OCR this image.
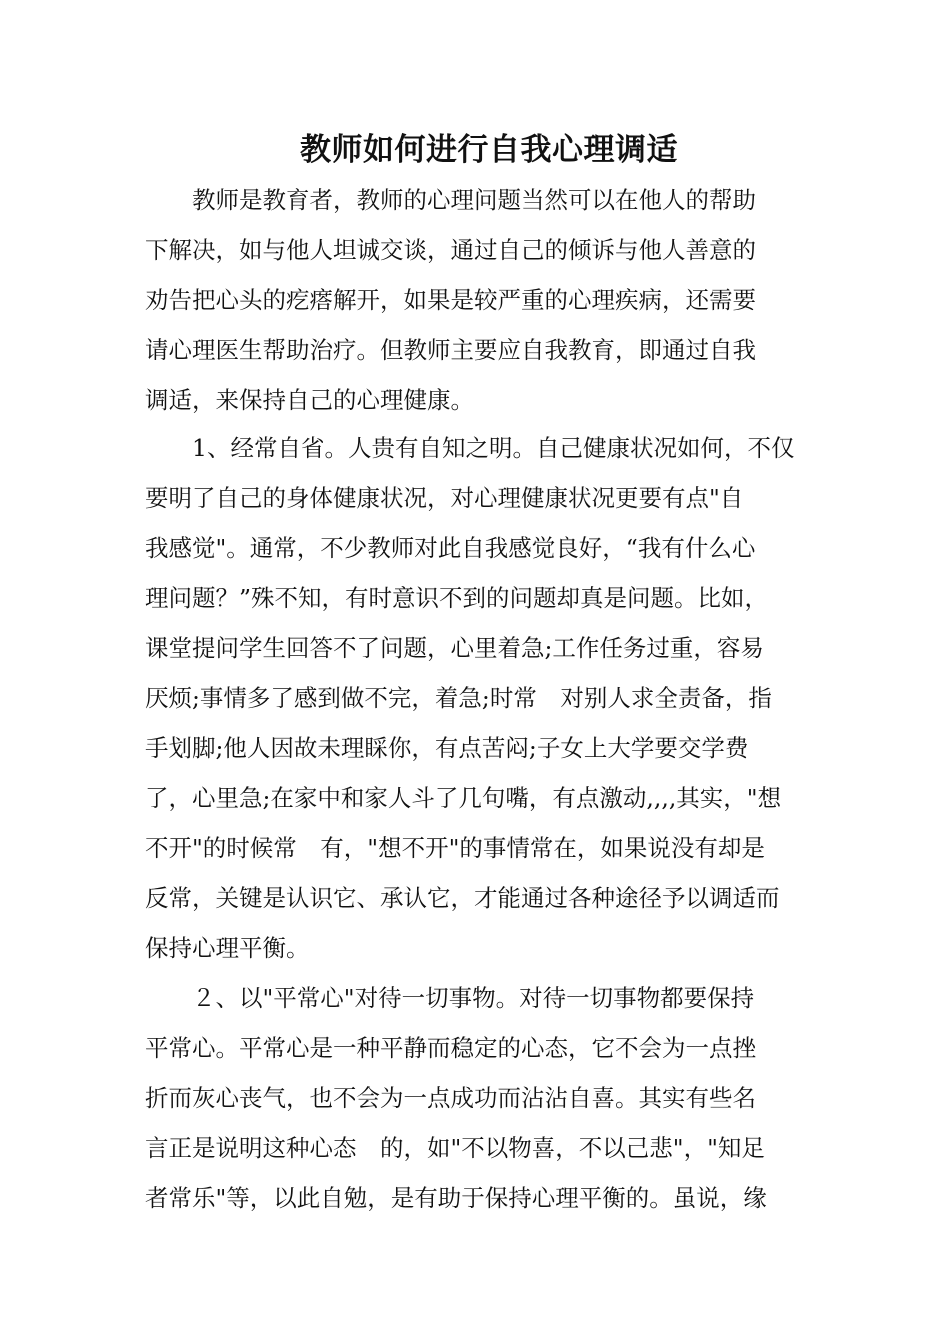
教师如何进行自我心理调适
　　教师是教育者，教师的心理问题当然可以在他人的帮助
下解决，如与他人坦诚交谈，通过自己的倾诉与他人善意的
劝告把心头的疙瘩解开，如果是较严重的心理疾病，还需要
请心理医生帮助治疗。但教师主要应自我教育，即通过自我
调适，来保持自己的心理健康。
　　1、经常自省。人贵有自知之明。自己健康状况如何，不仅
要明了自己的身体健康状况，对心理健康状况更要有点"自
我感觉"。通常，不少教师对此自我感觉良好，“我有什么心
理问题？”殊不知，有时意识不到的问题却真是问题。比如，
课堂提问学生回答不了问题，心里着急;工作任务过重，容易
厌烦;事情多了感到做不完，着急;时常　对别人求全责备，指
手划脚;他人因故未理睬你，有点苦闷;子女上大学要交学费
了，心里急;在家中和家人斗了几句嘴，有点激动,,,,其实，"想
不开"的时候常　有，"想不开"的事情常在，如果说没有却是
反常，关键是认识它、承认它，才能通过各种途径予以调适而
保持心理平衡。
　　２、以"平常心"对待一切事物。对待一切事物都要保持
平常心。平常心是一种平静而稳定的心态，它不会为一点挫
折而灰心丧气，也不会为一点成功而沾沾自喜。其实有些名
言正是说明这种心态　的，如"不以物喜，不以己悲"，"知足
者常乐"等，以此自勉，是有助于保持心理平衡的。虽说，缘
